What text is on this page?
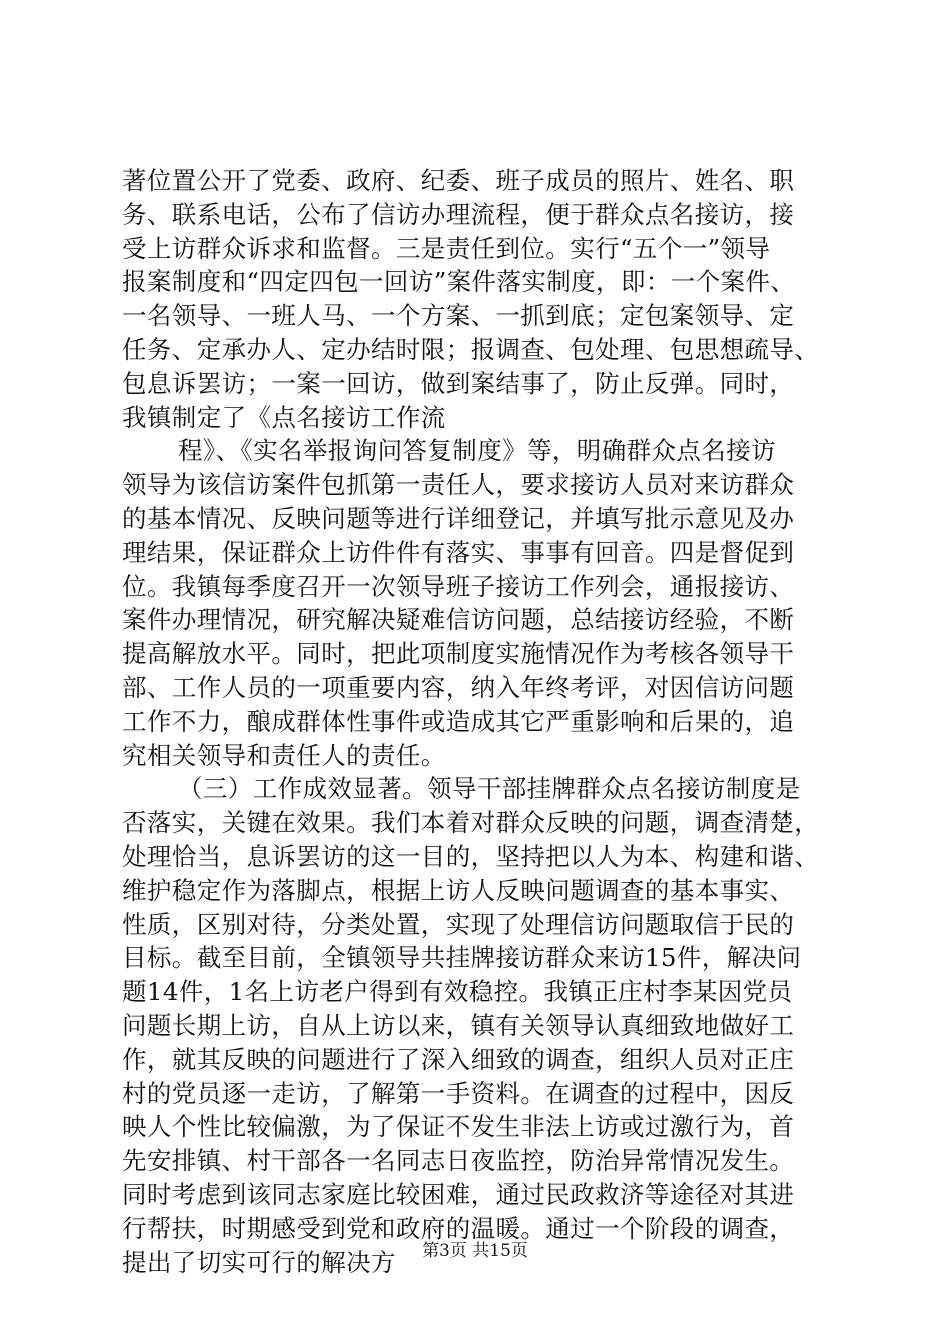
著位置公开了党委、政府、纪委、班子成员的照片、姓名、职
务、联系电话，公布了信访办理流程，便于群众点名接访，接
受上访群众诉求和监督。三是责任到位。实行“五个一”领导
报案制度和“四定四包一回访”案件落实制度，即：一个案件、
一名领导、一班人马、一个方案、一抓到底；定包案领导、定
任务、定承办人、定办结时限；报调查、包处理、包思想疏导、
包息诉罢访；一案一回访，做到案结事了，防止反弹。同时，
我镇制定了《点名接访工作流
程》、《实名举报询问答复制度》等，明确群众点名接访
领导为该信访案件包抓第一责任人，要求接访人员对来访群众
的基本情况、反映问题等进行详细登记，并填写批示意见及办
理结果，保证群众上访件件有落实、事事有回音。四是督促到
位。我镇每季度召开一次领导班子接访工作列会，通报接访、
案件办理情况，研究解决疑难信访问题，总结接访经验，不断
提高解放水平。同时，把此项制度实施情况作为考核各领导干
部、工作人员的一项重要内容，纳入年终考评，对因信访问题
工作不力，酿成群体性事件或造成其它严重影响和后果的，追
究相关领导和责任人的责任。
（三）工作成效显著。领导干部挂牌群众点名接访制度是
否落实，关键在效果。我们本着对群众反映的问题，调查清楚，
处理恰当，息诉罢访的这一目的，坚持把以人为本、构建和谐、
维护稳定作为落脚点，根据上访人反映问题调查的基本事实、
性质，区别对待，分类处置，实现了处理信访问题取信于民的
目标。截至目前，全镇领导共挂牌接访群众来访15件，解决问
题14件，1名上访老户得到有效稳控。我镇正庄村李某因党员
问题长期上访，自从上访以来，镇有关领导认真细致地做好工
作，就其反映的问题进行了深入细致的调查，组织人员对正庄
村的党员逐一走访，了解第一手资料。在调查的过程中，因反
映人个性比较偏激，为了保证不发生非法上访或过激行为，首
先安排镇、村干部各一名同志日夜监控，防治异常情况发生。
同时考虑到该同志家庭比较困难，通过民政救济等途径对其进
行帮扶，时期感受到党和政府的温暖。通过一个阶段的调查，
提出了切实可行的解决方	第3页 共15页
